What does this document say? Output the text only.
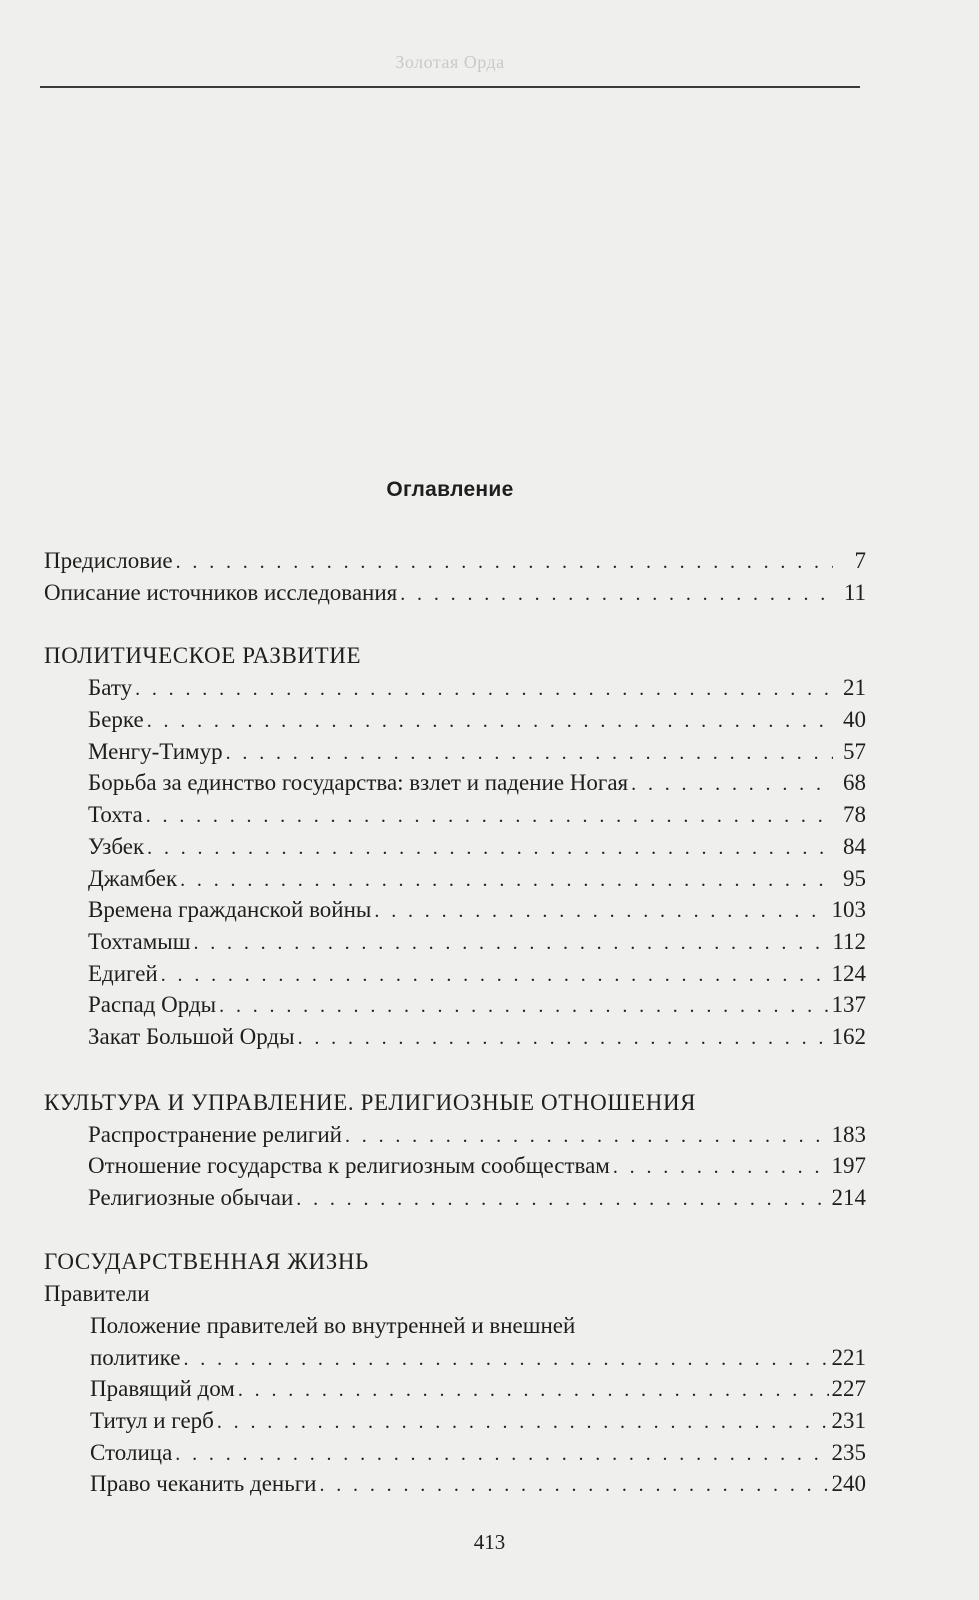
Золотая Орда
Оглавление
Предисловие . . .	7
Описание источников исследования . . .	11
ПОЛИТИЧЕСКОЕ РАЗВИТИЕ
Бату . . .	21
Берке . . .	40
Менгу-Тимур . . .	57
Борьба за единство государства: взлет и падение Ногая . . .	68
Тохта . . .	78
Узбек . . .	84
Джамбек . . .	95
Времена гражданской войны . . .	103
Тохтамыш . . .	112
Едигей . . .	124
Распад Орды . . .	137
Закат Большой Орды . . .	162
КУЛЬТУРА И УПРАВЛЕНИЕ. РЕЛИГИОЗНЫЕ ОТНОШЕНИЯ
Распространение религий . . .	183
Отношение государства к религиозным сообществам . . .	197
Религиозные обычаи . . .	214
ГОСУДАРСТВЕННАЯ ЖИЗНЬ
Правители
Положение правителей во внутренней и внешней
политике . . .	221
Правящий дом . . .	227
Титул и герб . . .	231
Столица . . .	235
Право чеканить деньги . . .	240
413
